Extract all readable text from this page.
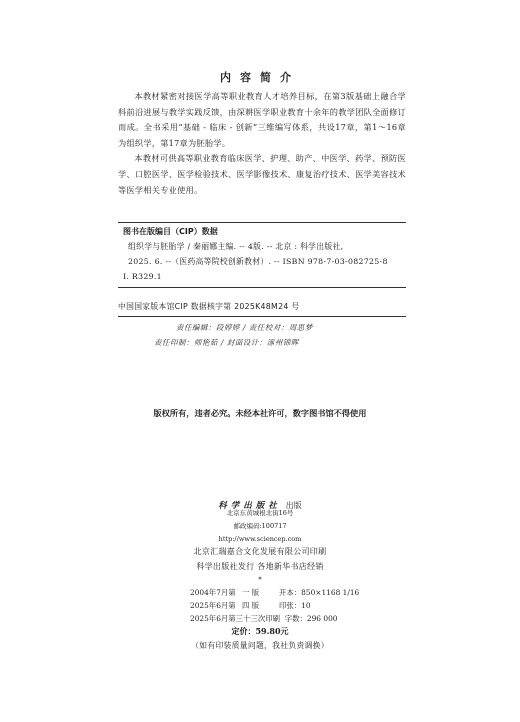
内容简介

本教材紧密对接医学高等职业教育人才培养目标，在第3版基础上融合学科前沿进展与教学实践反馈，由深耕医学职业教育十余年的教学团队全面修订而成。全书采用“基础 - 临床 - 创新”三维编写体系，共设17章，第1～16章为组织学，第17章为胚胎学。

本教材可供高等职业教育临床医学、护理、助产、中医学、药学、预防医学、口腔医学、医学检验技术、医学影像技术、康复治疗技术、医学美容技术等医学相关专业使用。

图书在版编目（CIP）数据
组织学与胚胎学 / 秦丽娜主编. -- 4版. -- 北京 : 科学出版社,
2025. 6. --（医药高等院校创新教材）. -- ISBN 978-7-03-082725-8
Ⅰ. R329.1
中国国家版本馆CIP 数据核字第 2025K48M24 号
责任编辑：段婷婷 / 责任校对：周思梦
责任印制：师艳茹 / 封面设计：涿州锦晖
版权所有，违者必究。未经本社许可，数字图书馆不得使用
科学出版社 出版
北京东黄城根北街16号
邮政编码:100717
http://www.sciencep.com
北京汇瑞嘉合文化发展有限公司印刷
科学出版社发行 各地新华书店经销
*
2004年7月第 一 版	开本：850×1168 1/16
2025年6月第 四 版	印张：10
2025年6月第三十三次印刷 字数：296 000
定价：59.80元
（如有印装质量问题，我社负责调换）
